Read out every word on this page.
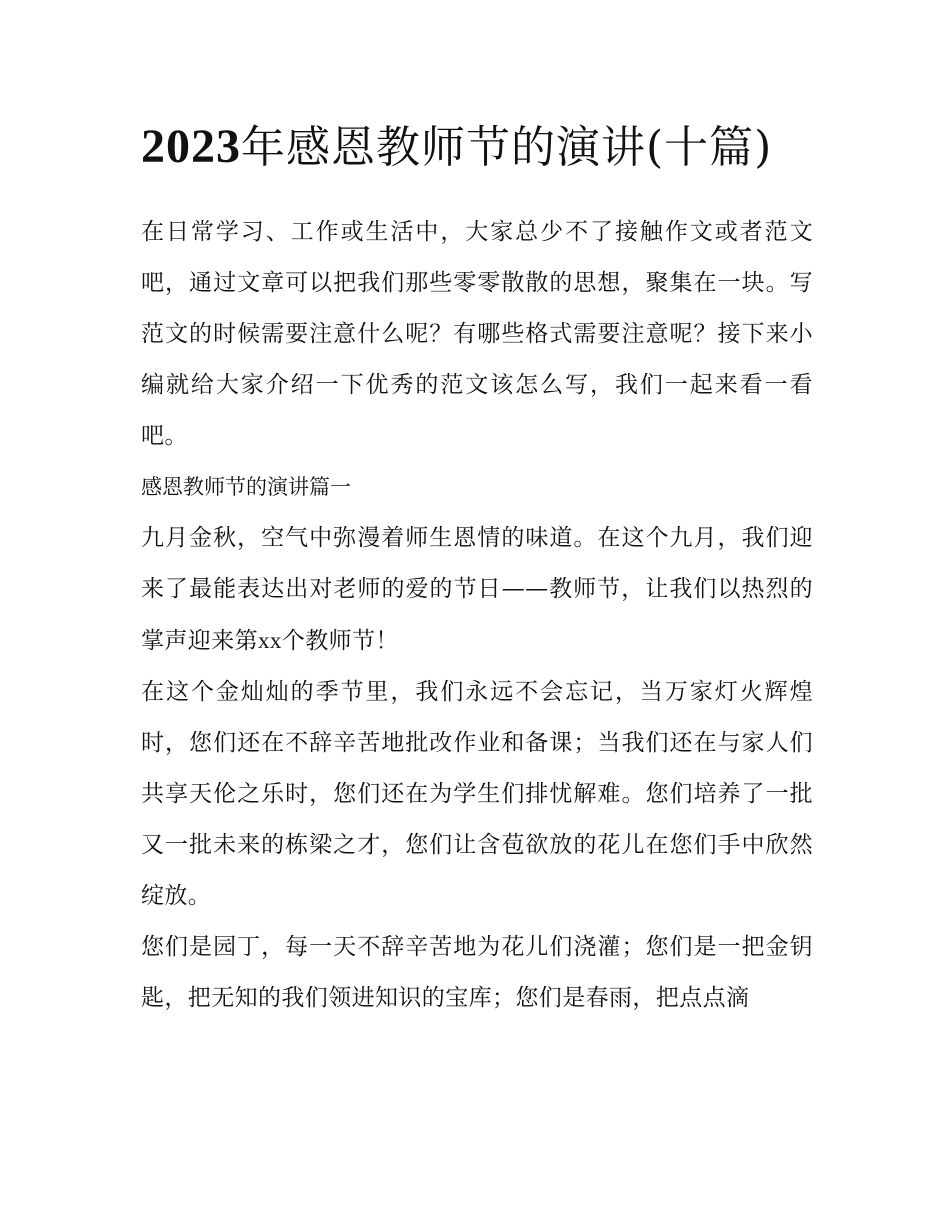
2023年感恩教师节的演讲(十篇)

在日常学习、工作或生活中，大家总少不了接触作文或者范文吧，通过文章可以把我们那些零零散散的思想，聚集在一块。写范文的时候需要注意什么呢？有哪些格式需要注意呢？接下来小编就给大家介绍一下优秀的范文该怎么写，我们一起来看一看吧。

感恩教师节的演讲篇一

九月金秋，空气中弥漫着师生恩情的味道。在这个九月，我们迎来了最能表达出对老师的爱的节日——教师节，让我们以热烈的掌声迎来第xx个教师节！

在这个金灿灿的季节里，我们永远不会忘记，当万家灯火辉煌时，您们还在不辞辛苦地批改作业和备课；当我们还在与家人们共享天伦之乐时，您们还在为学生们排忧解难。您们培养了一批又一批未来的栋梁之才，您们让含苞欲放的花儿在您们手中欣然绽放。

您们是园丁，每一天不辞辛苦地为花儿们浇灌；您们是一把金钥匙，把无知的我们领进知识的宝库；您们是春雨，把点点滴
